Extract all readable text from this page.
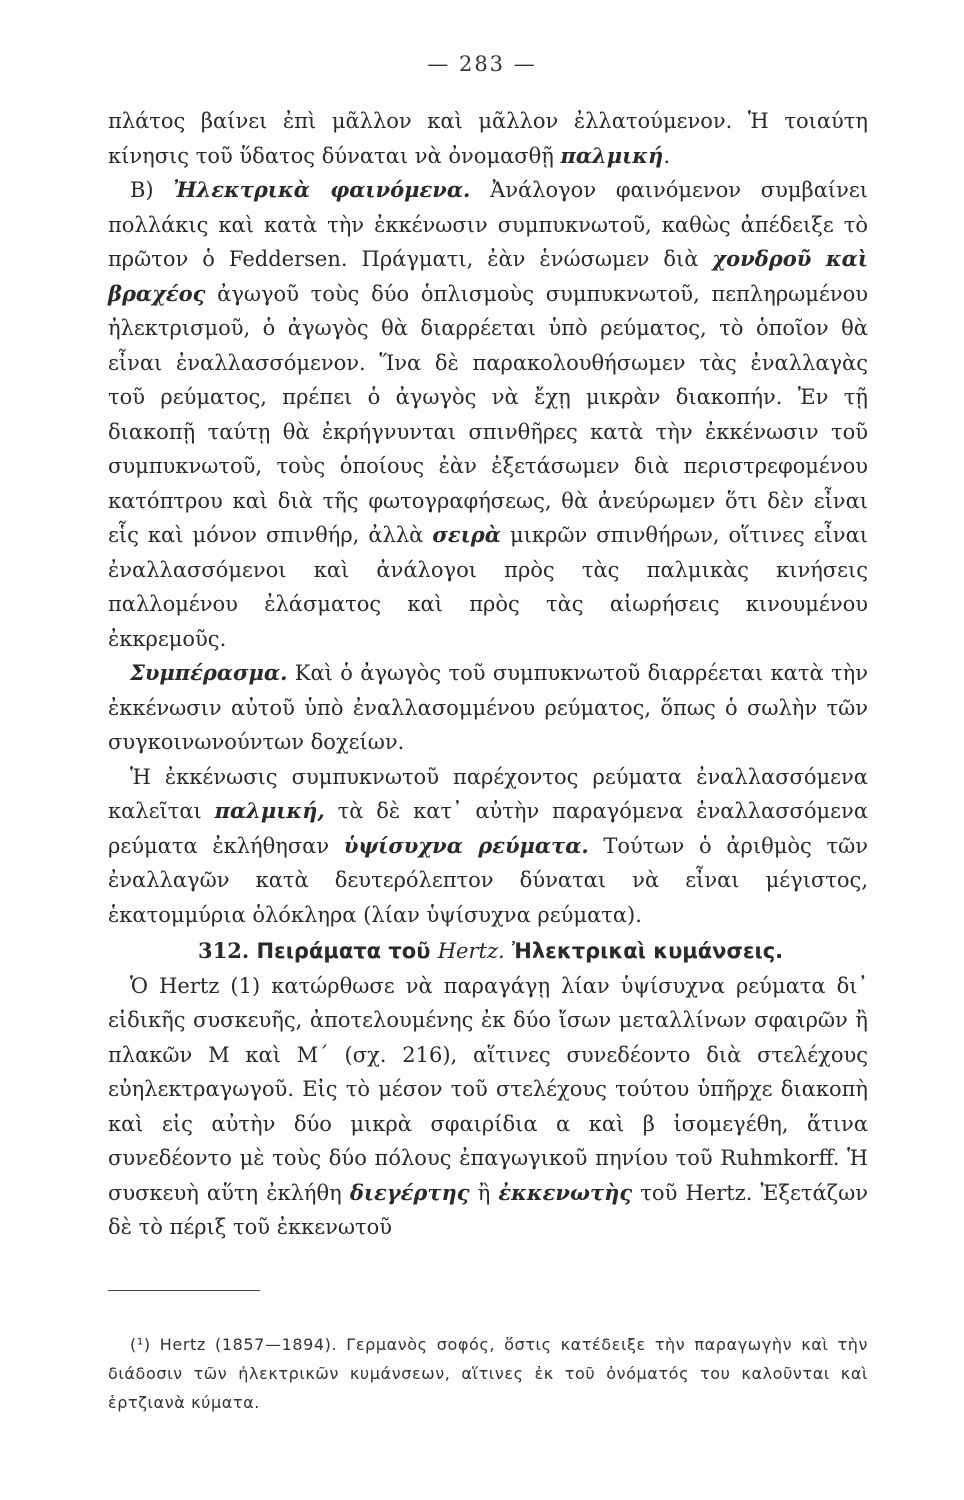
— 283 —

πλάτος βαίνει ἐπὶ μᾶλλον καὶ μᾶλλον ἐλλατούμενον. Ἡ τοιαύτη κίνησις τοῦ ὕδατος δύναται νὰ ὀνομασθῇ παλμική.

Β) Ἠλεκτρικὰ φαινόμενα. Ἀνάλογον φαινόμενον συμβαίνει πολλάκις καὶ κατὰ τὴν ἐκκένωσιν συμπυκνωτοῦ, καθὼς ἀπέδειξε τὸ πρῶτον ὁ Feddersen. Πράγματι, ἐὰν ἑνώσωμεν διὰ χονδροῦ καὶ βραχέος ἀγωγοῦ τοὺς δύο ὁπλισμοὺς συμπυκνωτοῦ, πεπληρωμένου ἠλεκτρισμοῦ, ὁ ἀγωγὸς θὰ διαρρέεται ὑπὸ ρεύματος, τὸ ὁποῖον θὰ εἶναι ἐναλλασσόμενον. Ἵνα δὲ παρακολουθήσωμεν τὰς ἐναλλαγὰς τοῦ ρεύματος, πρέπει ὁ ἀγωγὸς νὰ ἔχῃ μικρὰν διακοπήν. Ἐν τῇ διακοπῇ ταύτῃ θὰ ἐκρήγνυνται σπινθῆρες κατὰ τὴν ἐκκένωσιν τοῦ συμπυκνωτοῦ, τοὺς ὁποίους ἐὰν ἐξετάσωμεν διὰ περιστρεφομένου κατόπτρου καὶ διὰ τῆς φωτογραφήσεως, θὰ ἀνεύρωμεν ὅτι δὲν εἶναι εἷς καὶ μόνον σπινθήρ, ἀλλὰ σειρὰ μικρῶν σπινθήρων, οἵτινες εἶναι ἐναλλασσόμενοι καὶ ἀνάλογοι πρὸς τὰς παλμικὰς κινήσεις παλλομένου ἐλάσματος καὶ πρὸς τὰς αἰωρήσεις κινουμένου ἐκκρεμοῦς.

Συμπέρασμα. Καὶ ὁ ἀγωγὸς τοῦ συμπυκνωτοῦ διαρρέεται κατὰ τὴν ἐκκένωσιν αὐτοῦ ὑπὸ ἐναλλασομμένου ρεύματος, ὅπως ὁ σωλὴν τῶν συγκοινωνούντων δοχείων.

Ἡ ἐκκένωσις συμπυκνωτοῦ παρέχοντος ρεύματα ἐναλλασσόμενα καλεῖται παλμική, τὰ δὲ κατ᾽ αὐτὴν παραγόμενα ἐναλλασσόμενα ρεύματα ἐκλήθησαν ὑψίσυχνα ρεύματα. Τούτων ὁ ἀριθμὸς τῶν ἐναλλαγῶν κατὰ δευτερόλεπτον δύναται νὰ εἶναι μέγιστος, ἑκατομμύρια ὁλόκληρα (λίαν ὑψίσυχνα ρεύματα).

312. Πειράματα τοῦ Hertz. Ἠλεκτρικαὶ κυμάνσεις.

Ὁ Hertz (1) κατώρθωσε νὰ παραγάγῃ λίαν ὑψίσυχνα ρεύματα δι᾽ εἰδικῆς συσκευῆς, ἀποτελουμένης ἐκ δύο ἴσων μεταλλίνων σφαιρῶν ἢ πλακῶν Μ καὶ Μ΄ (σχ. 216), αἵτινες συνεδέοντο διὰ στελέχους εὐηλεκτραγωγοῦ. Εἰς τὸ μέσον τοῦ στελέχους τούτου ὑπῆρχε διακοπὴ καὶ εἰς αὐτὴν δύο μικρὰ σφαιρίδια α καὶ β ἰσομεγέθη, ἅτινα συνεδέοντο μὲ τοὺς δύο πόλους ἐπαγωγικοῦ πηνίου τοῦ Ruhmkorff. Ἡ συσκευὴ αὕτη ἐκλήθη διεγέρτης ἢ ἐκκενωτὴς τοῦ Hertz. Ἐξετάζων δὲ τὸ πέριξ τοῦ ἐκκενωτοῦ

(¹) Hertz (1857—1894). Γερμανὸς σοφός, ὅστις κατέδειξε τὴν παραγωγὴν καὶ τὴν διάδοσιν τῶν ἠλεκτρικῶν κυμάνσεων, αἵτινες ἐκ τοῦ ὀνόματός του καλοῦνται καὶ ἑρτζιανὰ κύματα.
